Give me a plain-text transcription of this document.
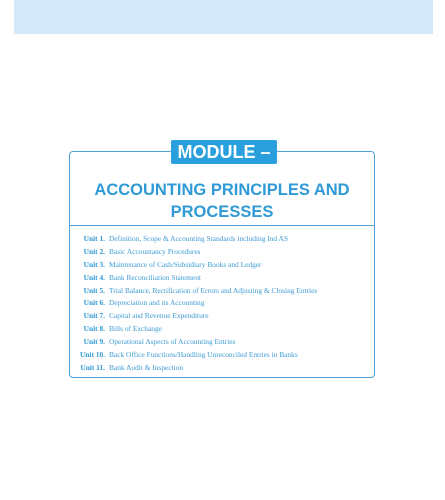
MODULE – A
ACCOUNTING PRINCIPLES AND
PROCESSES
Unit 1. Definition, Scope & Accounting Standards including Ind AS
Unit 2. Basic Accountancy Procedures
Unit 3. Maintenance of Cash/Subsidiary Books and Ledger
Unit 4. Bank Reconciliation Statement
Unit 5. Trial Balance, Rectification of Errors and Adjusting & Closing Entries
Unit 6. Depreciation and its Accounting
Unit 7. Capital and Revenue Expenditure
Unit 8. Bills of Exchange
Unit 9. Operational Aspects of Accounting Entries
Unit 10. Back Office Functions/Handling Unreconciled Entries in Banks
Unit 11. Bank Audit & Inspection
